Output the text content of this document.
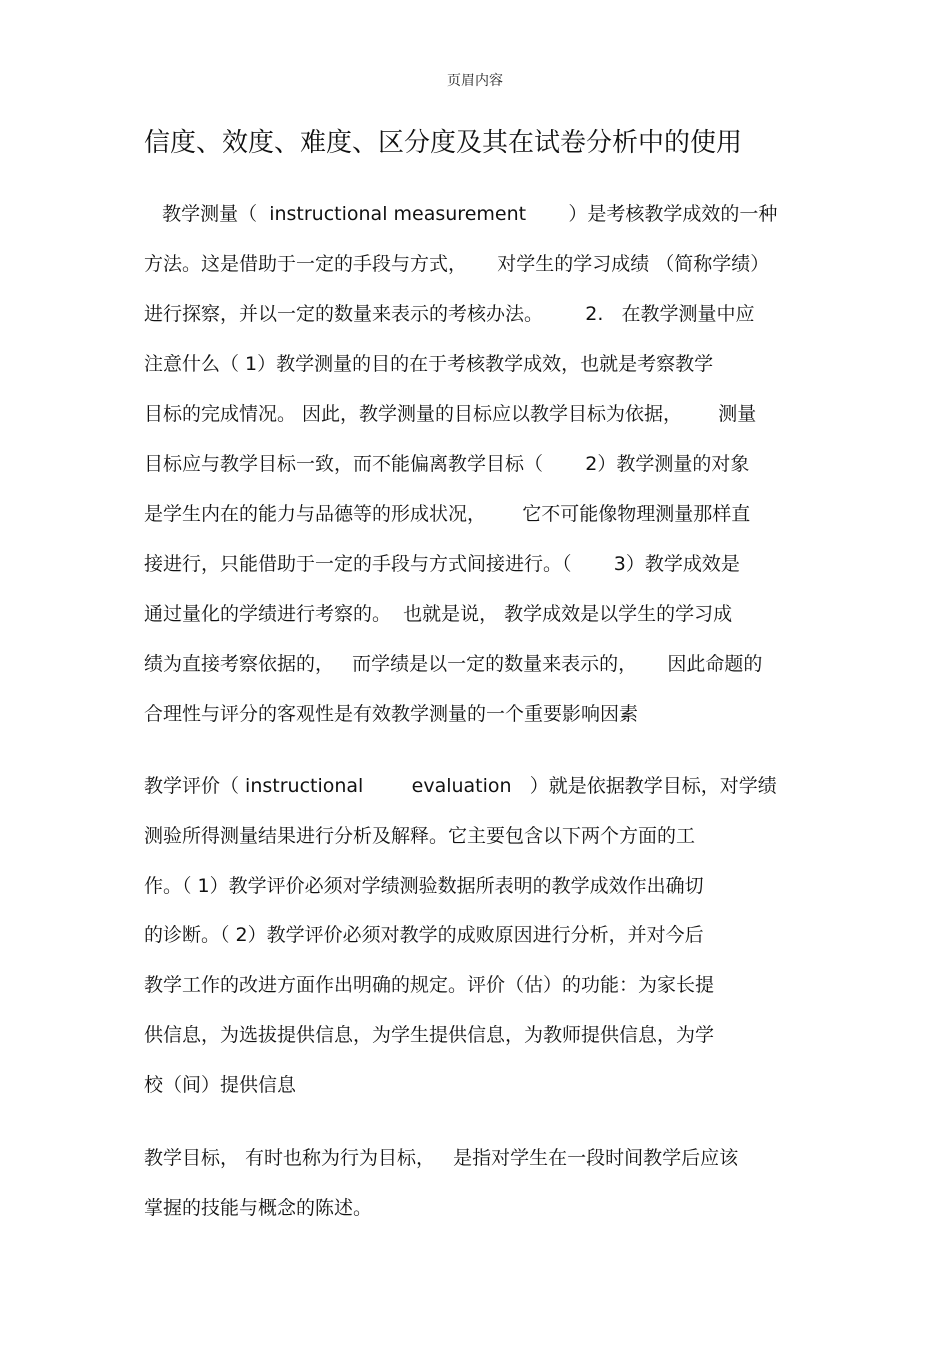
页眉内容
信度、效度、难度、区分度及其在试卷分析中的使用
教学测量（  instructional measurement       ）是考核教学成效的一种
方法。这是借助于一定的手段与方式，     对学生的学习成绩 （简称学绩）
进行探察，并以一定的数量来表示的考核办法。       2.   在教学测量中应
注意什么（ 1）教学测量的目的在于考核教学成效，也就是考察教学
目标的完成情况。 因此，教学测量的目标应以教学目标为依据，      测量
目标应与教学目标一致，而不能偏离教学目标（       2）教学测量的对象
是学生内在的能力与品德等的形成状况，      它不可能像物理测量那样直
接进行，只能借助于一定的手段与方式间接进行。（       3）教学成效是
通过量化的学绩进行考察的。  也就是说， 教学成效是以学生的学习成
绩为直接考察依据的，   而学绩是以一定的数量来表示的，     因此命题的
合理性与评分的客观性是有效教学测量的一个重要影响因素
教学评价（ instructional        evaluation   ）就是依据教学目标，对学绩
测验所得测量结果进行分析及解释。它主要包含以下两个方面的工
作。（ 1）教学评价必须对学绩测验数据所表明的教学成效作出确切
的诊断。（ 2）教学评价必须对教学的成败原因进行分析，并对今后
教学工作的改进方面作出明确的规定。评价（估）的功能：为家长提
供信息，为选拔提供信息，为学生提供信息，为教师提供信息，为学
校（间）提供信息
教学目标， 有时也称为行为目标，   是指对学生在一段时间教学后应该
掌握的技能与概念的陈述。
